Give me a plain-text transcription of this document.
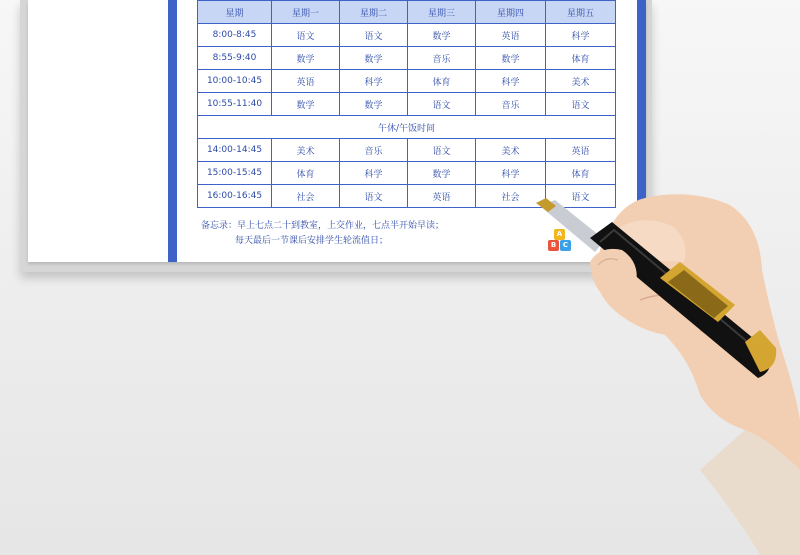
星期	星期一	星期二	星期三	星期四	星期五
8:00-8:45	语文	语文	数学	英语	科学
8:55-9:40	数学	数学	音乐	数学	体育
10:00-10:45	英语	科学	体育	科学	美术
10:55-11:40	数学	数学	语文	音乐	语文
午休/午饭时间					
14:00-14:45	美术	音乐	语文	美术	英语
15:00-15:45	体育	科学	数学	科学	体育
16:00-16:45	社会	语文	英语	社会	语文
备忘录：早上七点二十到教室，上交作业，七点半开始早读；
每天最后一节课后安排学生轮流值日；	B C
A
